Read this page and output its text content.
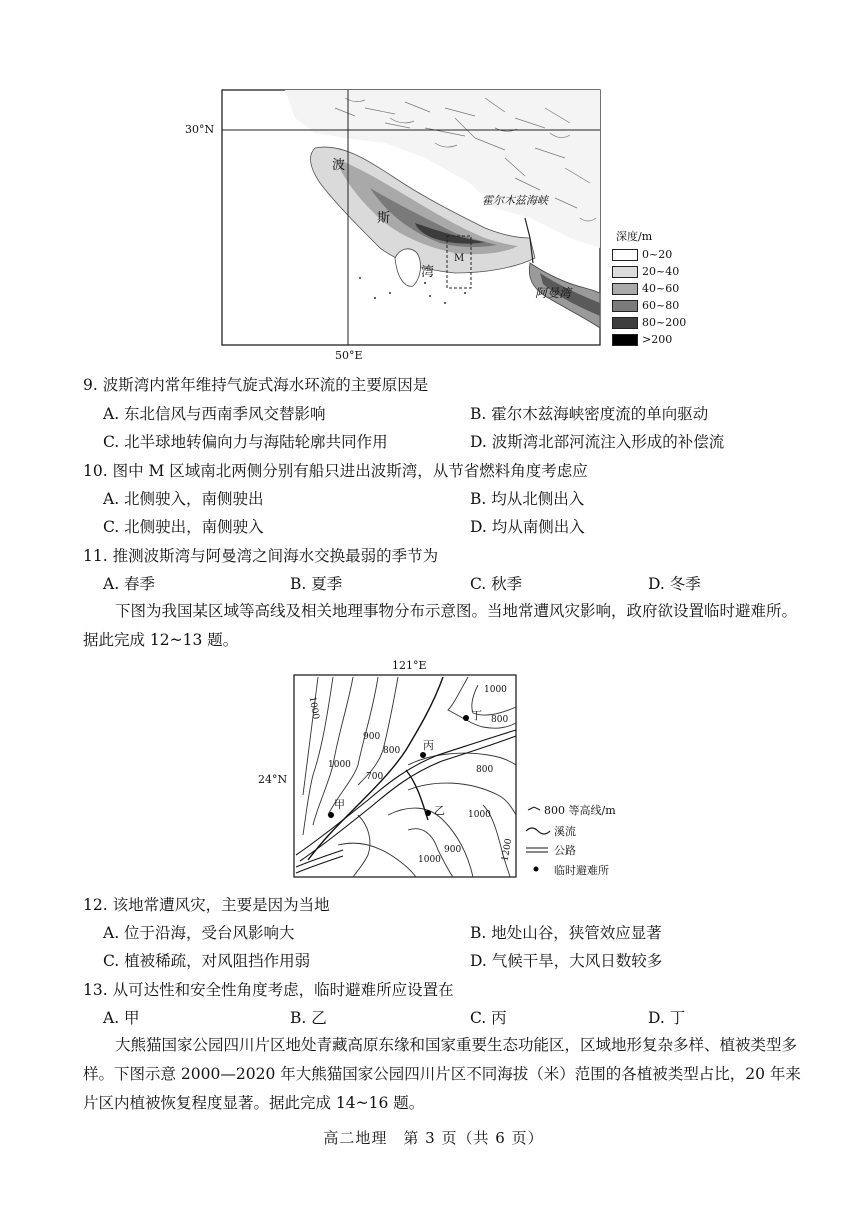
30°N
50°E
波
斯
湾
M
霍尔木兹海峡
阿曼湾
深度/m
0~20
20~40
40~60
60~80
80~200
>200
9. 波斯湾内常年维持气旋式海水环流的主要原因是
A. 东北信风与西南季风交替影响	B. 霍尔木兹海峡密度流的单向驱动
C. 北半球地转偏向力与海陆轮廓共同作用	D. 波斯湾北部河流注入形成的补偿流
10. 图中 M 区域南北两侧分别有船只进出波斯湾，从节省燃料角度考虑应
A. 北侧驶入，南侧驶出	B. 均从北侧出入
C. 北侧驶出，南侧驶入	D. 均从南侧出入
11. 推测波斯湾与阿曼湾之间海水交换最弱的季节为
A. 春季	B. 夏季	C. 秋季	D. 冬季
下图为我国某区域等高线及相关地理事物分布示意图。当地常遭风灾影响，政府欲设置临时避难所。据此完成 12~13 题。
121°E
24°N
1000
1000	800
900
800
1000
700
800
1000
900
1000	1200
丁
丙
甲	乙	800 等高线/m
溪流
公路
临时避难所
12. 该地常遭风灾，主要是因为当地
A. 位于沿海，受台风影响大	B. 地处山谷，狭管效应显著
C. 植被稀疏，对风阻挡作用弱	D. 气候干旱，大风日数较多
13. 从可达性和安全性角度考虑，临时避难所应设置在
A. 甲	B. 乙	C. 丙	D. 丁
大熊猫国家公园四川片区地处青藏高原东缘和国家重要生态功能区，区域地形复杂多样、植被类型多样。下图示意 2000—2020 年大熊猫国家公园四川片区不同海拔（米）范围的各植被类型占比，20 年来片区内植被恢复程度显著。据此完成 14~16 题。
高二地理　第 3 页（共 6 页）
